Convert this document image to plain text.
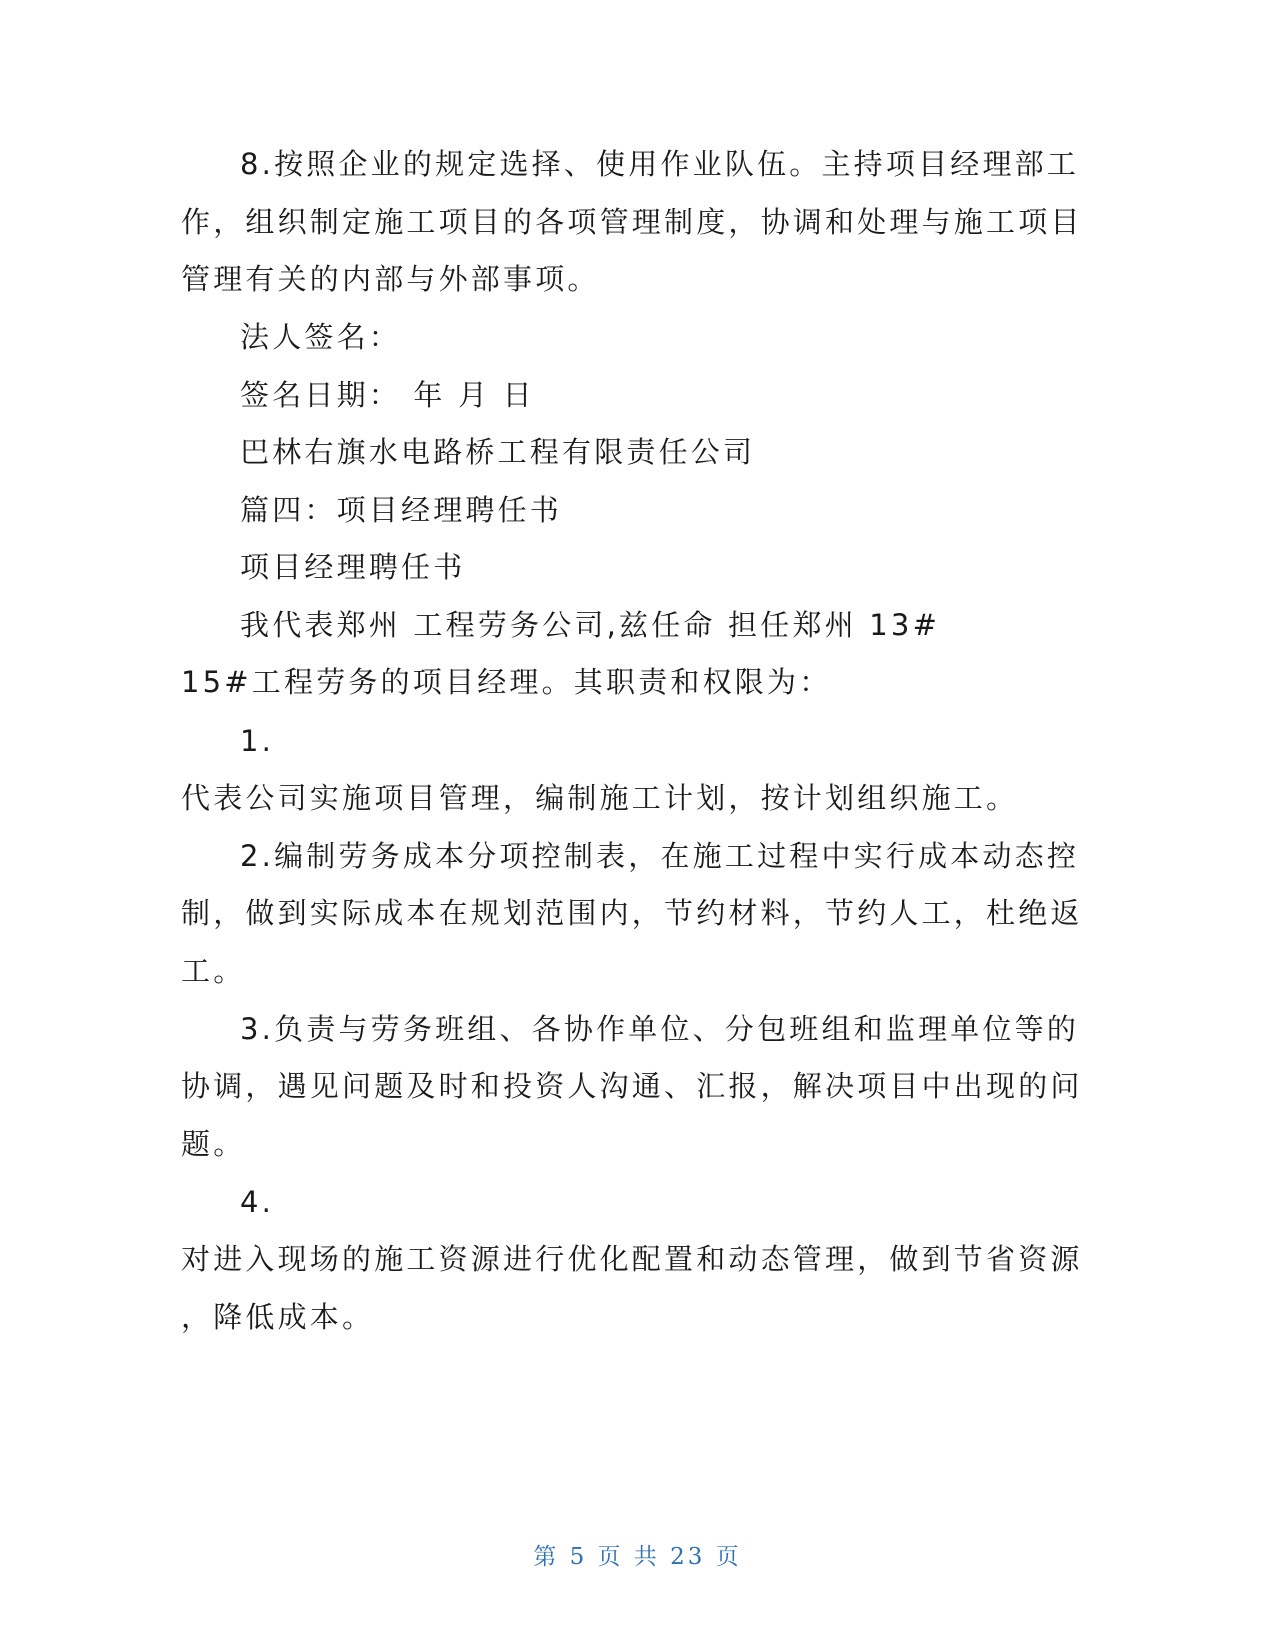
8.按照企业的规定选择、使用作业队伍。主持项目经理部工
作，组织制定施工项目的各项管理制度，协调和处理与施工项目
管理有关的内部与外部事项。
法人签名：
签名日期： 年 月 日
巴林右旗水电路桥工程有限责任公司
篇四：项目经理聘任书
项目经理聘任书
我代表郑州 工程劳务公司,兹任命 担任郑州 13#
15#工程劳务的项目经理。其职责和权限为：
1.
代表公司实施项目管理，编制施工计划，按计划组织施工。
2.编制劳务成本分项控制表，在施工过程中实行成本动态控
制，做到实际成本在规划范围内，节约材料，节约人工，杜绝返
工。
3.负责与劳务班组、各协作单位、分包班组和监理单位等的
协调，遇见问题及时和投资人沟通、汇报，解决项目中出现的问
题。
4.
对进入现场的施工资源进行优化配置和动态管理，做到节省资源
，降低成本。
第 5 页 共 23 页
